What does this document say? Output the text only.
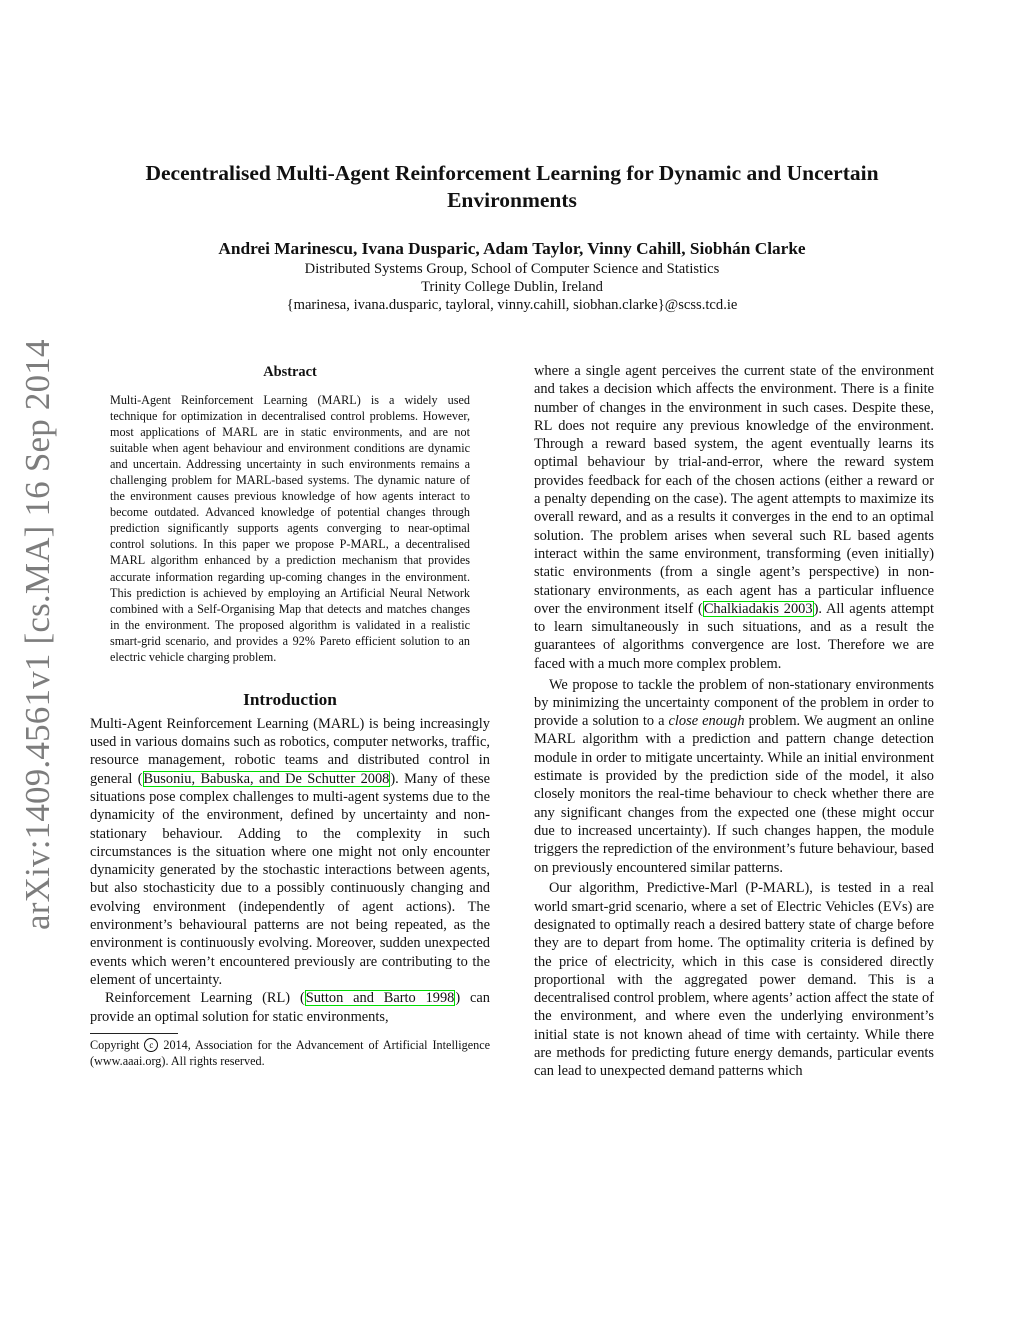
arXiv:1409.4561v1 [cs.MA] 16 Sep 2014
Decentralised Multi-Agent Reinforcement Learning for Dynamic and Uncertain
Environments
Andrei Marinescu, Ivana Dusparic, Adam Taylor, Vinny Cahill, Siobhán Clarke
Distributed Systems Group, School of Computer Science and Statistics
Trinity College Dublin, Ireland
{marinesa, ivana.dusparic, tayloral, vinny.cahill, siobhan.clarke}@scss.tcd.ie
Abstract

Multi-Agent Reinforcement Learning (MARL) is a widely used technique for optimization in decentralised control problems. However, most applications of MARL are in static environments, and are not suitable when agent behaviour and environment conditions are dynamic and uncertain. Addressing uncertainty in such environments remains a challenging problem for MARL-based systems. The dynamic nature of the environment causes previous knowledge of how agents interact to become outdated. Advanced knowledge of potential changes through prediction significantly supports agents converging to near-optimal control solutions. In this paper we propose P-MARL, a decentralised MARL algorithm enhanced by a prediction mechanism that provides accurate information regarding up-coming changes in the environment. This prediction is achieved by employing an Artificial Neural Network combined with a Self-Organising Map that detects and matches changes in the environment. The proposed algorithm is validated in a realistic smart-grid scenario, and provides a 92% Pareto efficient solution to an electric vehicle charging problem.

Introduction

Multi-Agent Reinforcement Learning (MARL) is being increasingly used in various domains such as robotics, computer networks, traffic, resource management, robotic teams and distributed control in general (Busoniu, Babuska, and De Schutter 2008). Many of these situations pose complex challenges to multi-agent systems due to the dynamicity of the environment, defined by uncertainty and non-stationary behaviour. Adding to the complexity in such circumstances is the situation where one might not only encounter dynamicity generated by the stochastic interactions between agents, but also stochasticity due to a possibly continuously changing and evolving environment (independently of agent actions). The environment’s behavioural patterns are not being repeated, as the environment is continuously evolving. Moreover, sudden unexpected events which weren’t encountered previously are contributing to the element of uncertainty.

Reinforcement Learning (RL) (Sutton and Barto 1998) can provide an optimal solution for static environments,

Copyright c 2014, Association for the Advancement of Artificial Intelligence (www.aaai.org). All rights reserved.

where a single agent perceives the current state of the environment and takes a decision which affects the environment. There is a finite number of changes in the environment in such cases. Despite these, RL does not require any previous knowledge of the environment. Through a reward based system, the agent eventually learns its optimal behaviour by trial-and-error, where the reward system provides feedback for each of the chosen actions (either a reward or a penalty depending on the case). The agent attempts to maximize its overall reward, and as a results it converges in the end to an optimal solution. The problem arises when several such RL based agents interact within the same environment, transforming (even initially) static environments (from a single agent’s perspective) in non-stationary environments, as each agent has a particular influence over the environment itself (Chalkiadakis 2003). All agents attempt to learn simultaneously in such situations, and as a result the guarantees of algorithms convergence are lost. Therefore we are faced with a much more complex problem.

We propose to tackle the problem of non-stationary environments by minimizing the uncertainty component of the problem in order to provide a solution to a close enough problem. We augment an online MARL algorithm with a prediction and pattern change detection module in order to mitigate uncertainty. While an initial environment estimate is provided by the prediction side of the model, it also closely monitors the real-time behaviour to check whether there are any significant changes from the expected one (these might occur due to increased uncertainty). If such changes happen, the module triggers the reprediction of the environment’s future behaviour, based on previously encountered similar patterns.

Our algorithm, Predictive-Marl (P-MARL), is tested in a real world smart-grid scenario, where a set of Electric Vehicles (EVs) are designated to optimally reach a desired battery state of charge before they are to depart from home. The optimality criteria is defined by the price of electricity, which in this case is considered directly proportional with the aggregated power demand. This is a decentralised control problem, where agents’ action affect the state of the environment, and where even the underlying environment’s initial state is not known ahead of time with certainty. While there are methods for predicting future energy demands, particular events can lead to unexpected demand patterns which
